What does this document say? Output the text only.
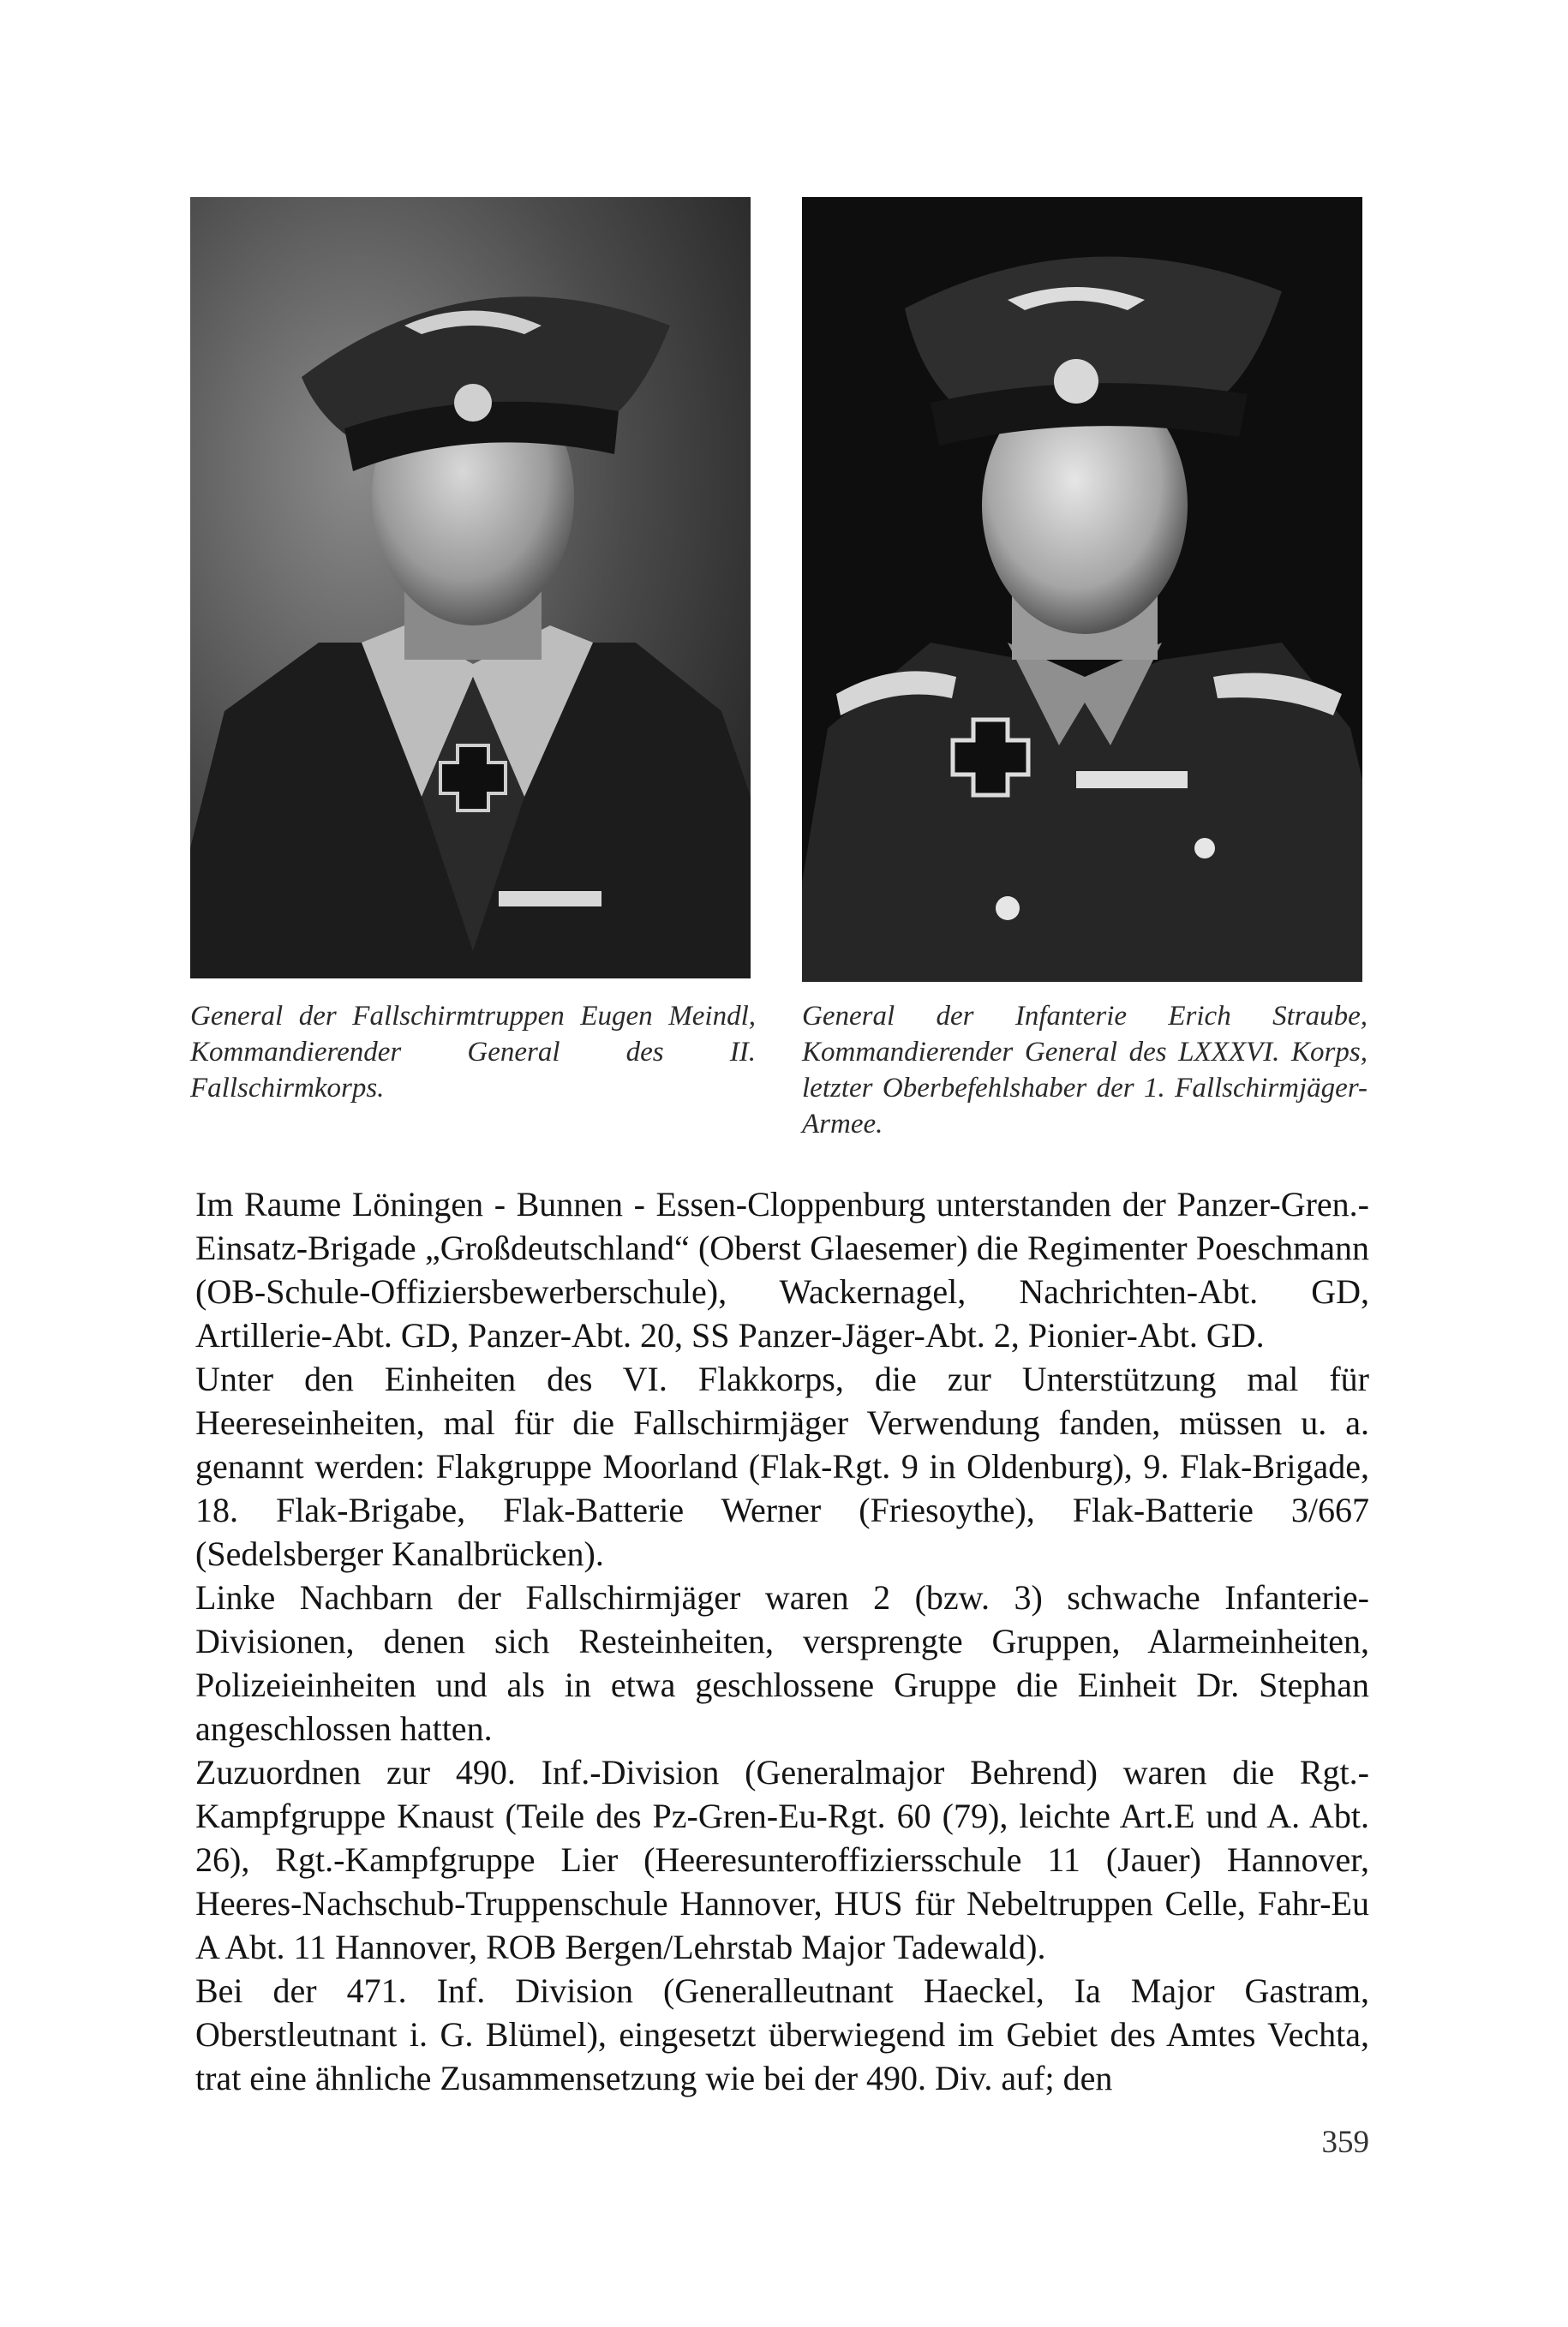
General der Fallschirmtruppen Eugen Meindl, Kommandierender General des II. Fallschirmkorps.

General der Infanterie Erich Straube, Kommandierender General des LXXXVI. Korps, letzter Oberbefehlshaber der 1. Fallschirmjäger-Armee.

Im Raume Löningen - Bunnen - Essen-Cloppenburg unterstanden der Panzer-Gren.-Einsatz-Brigade „Großdeutschland“ (Oberst Glaesemer) die Regimenter Poeschmann (OB-Schule-Offiziersbewerberschule), Wackernagel, Nachrichten-Abt. GD, Artillerie-Abt. GD, Panzer-Abt. 20, SS Panzer-Jäger-Abt. 2, Pionier-Abt. GD.

Unter den Einheiten des VI. Flakkorps, die zur Unterstützung mal für Heereseinheiten, mal für die Fallschirmjäger Verwendung fanden, müssen u. a. genannt werden: Flakgruppe Moorland (Flak-Rgt. 9 in Oldenburg), 9. Flak-Brigade, 18. Flak-Brigabe, Flak-Batterie Werner (Friesoythe), Flak-Batterie 3/667 (Sedelsberger Kanalbrücken).

Linke Nachbarn der Fallschirmjäger waren 2 (bzw. 3) schwache Infanterie-Divisionen, denen sich Resteinheiten, versprengte Gruppen, Alarmeinheiten, Polizeieinheiten und als in etwa geschlossene Gruppe die Einheit Dr. Stephan angeschlossen hatten.

Zuzuordnen zur 490. Inf.-Division (Generalmajor Behrend) waren die Rgt.-Kampfgruppe Knaust (Teile des Pz-Gren-Eu-Rgt. 60 (79), leichte Art.E und A. Abt. 26), Rgt.-Kampfgruppe Lier (Heeresunteroffiziersschule 11 (Jauer) Hannover, Heeres-Nachschub-Truppenschule Hannover, HUS für Nebeltruppen Celle, Fahr-Eu A Abt. 11 Hannover, ROB Bergen/Lehrstab Major Tadewald).

Bei der 471. Inf. Division (Generalleutnant Haeckel, Ia Major Gastram, Oberstleutnant i. G. Blümel), eingesetzt überwiegend im Gebiet des Amtes Vechta, trat eine ähnliche Zusammensetzung wie bei der 490. Div. auf; den

359
